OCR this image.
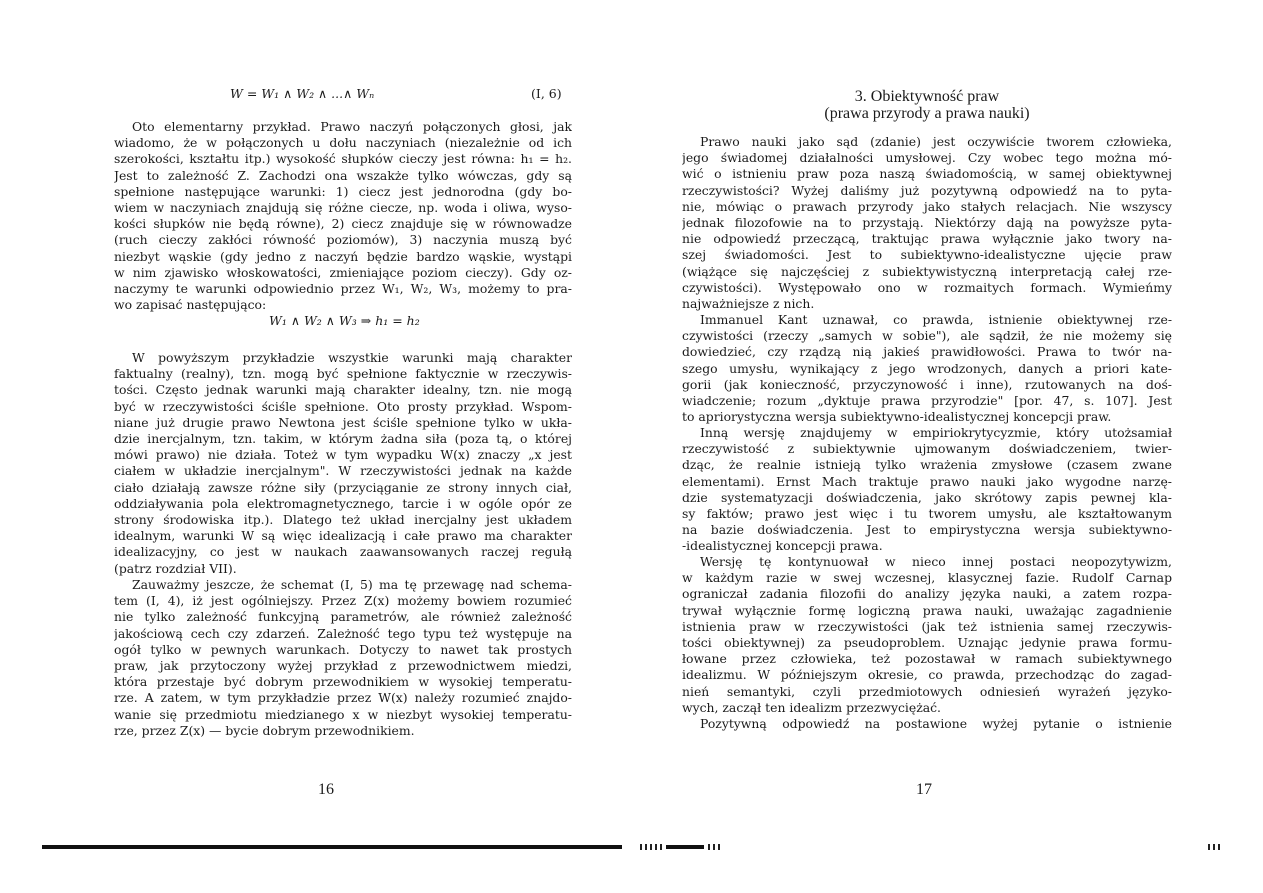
W = W₁ ∧ W₂ ∧ ...∧ Wₙ	(I, 6)
Oto elementarny przykład. Prawo naczyń połączonych głosi, jak
wiadomo, że w połączonych u dołu naczyniach (niezależnie od ich
szerokości, kształtu itp.) wysokość słupków cieczy jest równa: h₁ = h₂.
Jest to zależność Z. Zachodzi ona wszakże tylko wówczas, gdy są
spełnione następujące warunki: 1) ciecz jest jednorodna (gdy bo-
wiem w naczyniach znajdują się różne ciecze, np. woda i oliwa, wyso-
kości słupków nie będą równe), 2) ciecz znajduje się w równowadze
(ruch cieczy zakłóci równość poziomów), 3) naczynia muszą być
niezbyt wąskie (gdy jedno z naczyń będzie bardzo wąskie, wystąpi
w nim zjawisko włoskowatości, zmieniające poziom cieczy). Gdy oz-
naczymy te warunki odpowiednio przez W₁, W₂, W₃, możemy to pra-
wo zapisać następująco:
W₁ ∧ W₂ ∧ W₃ ⇒ h₁ = h₂
W powyższym przykładzie wszystkie warunki mają charakter
faktualny (realny), tzn. mogą być spełnione faktycznie w rzeczywis-
tości. Często jednak warunki mają charakter idealny, tzn. nie mogą
być w rzeczywistości ściśle spełnione. Oto prosty przykład. Wspom-
niane już drugie prawo Newtona jest ściśle spełnione tylko w ukła-
dzie inercjalnym, tzn. takim, w którym żadna siła (poza tą, o której
mówi prawo) nie działa. Toteż w tym wypadku W(x) znaczy „x jest
ciałem w układzie inercjalnym". W rzeczywistości jednak na każde
ciało działają zawsze różne siły (przyciąganie ze strony innych ciał,
oddziaływania pola elektromagnetycznego, tarcie i w ogóle opór ze
strony środowiska itp.). Dlatego też układ inercjalny jest układem
idealnym, warunki W są więc idealizacją i całe prawo ma charakter
idealizacyjny, co jest w naukach zaawansowanych raczej regułą
(patrz rozdział VII).
Zauważmy jeszcze, że schemat (I, 5) ma tę przewagę nad schema-
tem (I, 4), iż jest ogólniejszy. Przez Z(x) możemy bowiem rozumieć
nie tylko zależność funkcyjną parametrów, ale również zależność
jakościową cech czy zdarzeń. Zależność tego typu też występuje na
ogół tylko w pewnych warunkach. Dotyczy to nawet tak prostych
praw, jak przytoczony wyżej przykład z przewodnictwem miedzi,
która przestaje być dobrym przewodnikiem w wysokiej temperatu-
rze. A zatem, w tym przykładzie przez W(x) należy rozumieć znajdo-
wanie się przedmiotu miedzianego x w niezbyt wysokiej temperatu-
rze, przez Z(x) — bycie dobrym przewodnikiem.
16
3. Obiektywność praw
(prawa przyrody a prawa nauki)
Prawo nauki jako sąd (zdanie) jest oczywiście tworem człowieka,
jego świadomej działalności umysłowej. Czy wobec tego można mó-
wić o istnieniu praw poza naszą świadomością, w samej obiektywnej
rzeczywistości? Wyżej daliśmy już pozytywną odpowiedź na to pyta-
nie, mówiąc o prawach przyrody jako stałych relacjach. Nie wszyscy
jednak filozofowie na to przystają. Niektórzy dają na powyższe pyta-
nie odpowiedź przeczącą, traktując prawa wyłącznie jako twory na-
szej świadomości. Jest to subiektywno-idealistyczne ujęcie praw
(wiążące się najczęściej z subiektywistyczną interpretacją całej rze-
czywistości). Występowało ono w rozmaitych formach. Wymieńmy
najważniejsze z nich.
Immanuel Kant uznawał, co prawda, istnienie obiektywnej rze-
czywistości (rzeczy „samych w sobie"), ale sądził, że nie możemy się
dowiedzieć, czy rządzą nią jakieś prawidłowości. Prawa to twór na-
szego umysłu, wynikający z jego wrodzonych, danych a priori kate-
gorii (jak konieczność, przyczynowość i inne), rzutowanych na doś-
wiadczenie; rozum „dyktuje prawa przyrodzie" [por. 47, s. 107]. Jest
to apriorystyczna wersja subiektywno-idealistycznej koncepcji praw.
Inną wersję znajdujemy w empiriokrytycyzmie, który utożsamiał
rzeczywistość z subiektywnie ujmowanym doświadczeniem, twier-
dząc, że realnie istnieją tylko wrażenia zmysłowe (czasem zwane
elementami). Ernst Mach traktuje prawo nauki jako wygodne narzę-
dzie systematyzacji doświadczenia, jako skrótowy zapis pewnej kla-
sy faktów; prawo jest więc i tu tworem umysłu, ale kształtowanym
na bazie doświadczenia. Jest to empirystyczna wersja subiektywno-
-idealistycznej koncepcji prawa.
Wersję tę kontynuował w nieco innej postaci neopozytywizm,
w każdym razie w swej wczesnej, klasycznej fazie. Rudolf Carnap
ograniczał zadania filozofii do analizy języka nauki, a zatem rozpa-
trywał wyłącznie formę logiczną prawa nauki, uważając zagadnienie
istnienia praw w rzeczywistości (jak też istnienia samej rzeczywis-
tości obiektywnej) za pseudoproblem. Uznając jedynie prawa formu-
łowane przez człowieka, też pozostawał w ramach subiektywnego
idealizmu. W późniejszym okresie, co prawda, przechodząc do zagad-
nień semantyki, czyli przedmiotowych odniesień wyrażeń języko-
wych, zaczął ten idealizm przezwyciężać.
Pozytywną odpowiedź na postawione wyżej pytanie o istnienie
17
